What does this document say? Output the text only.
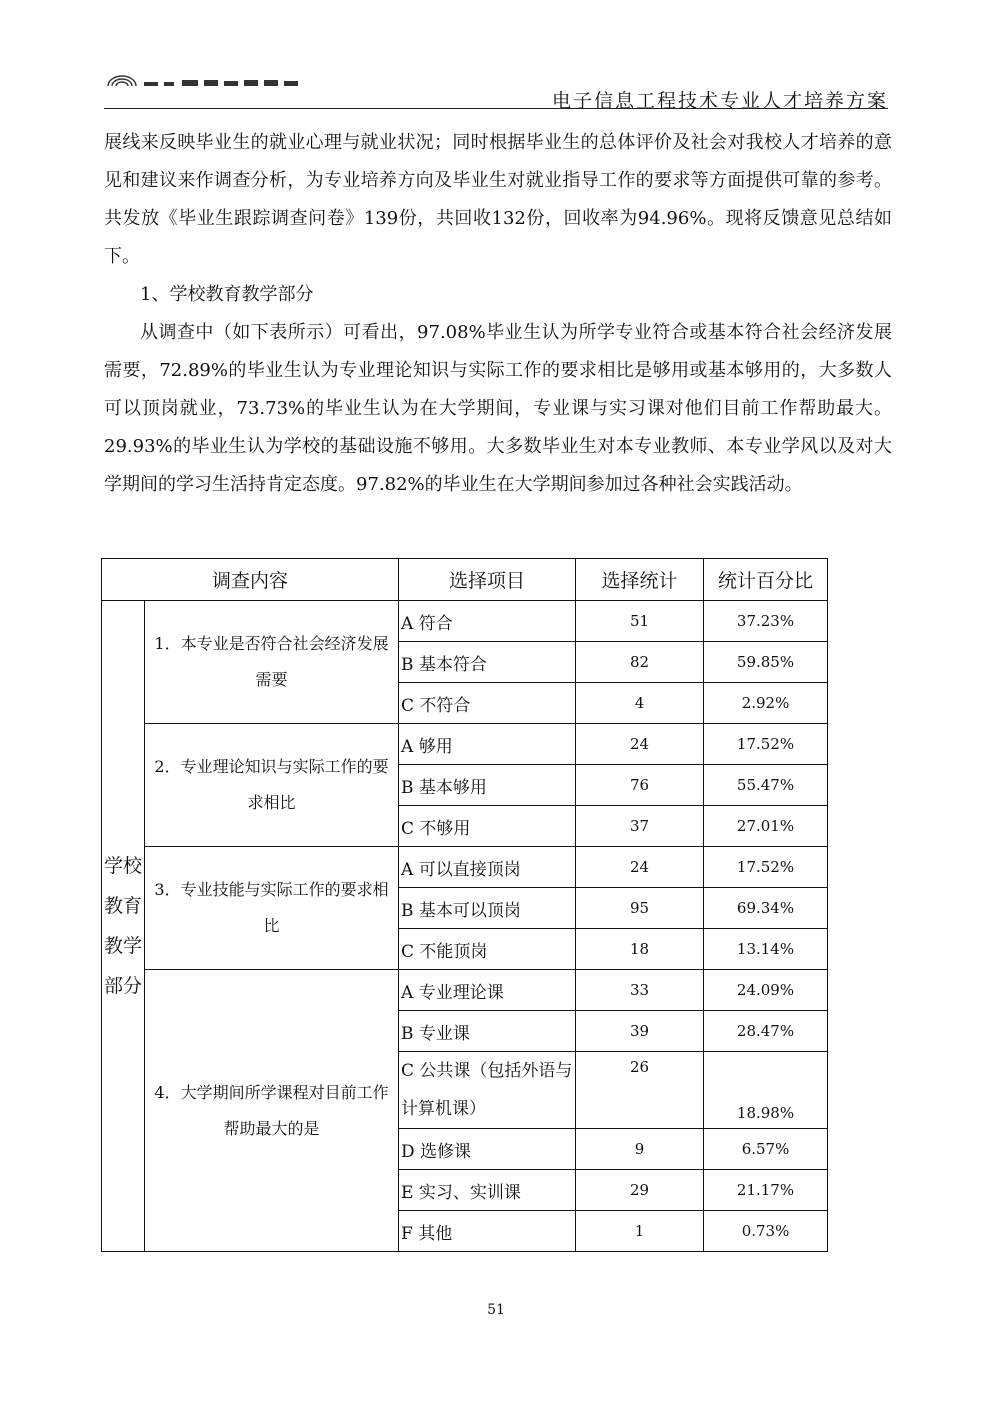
电子信息工程技术专业人才培养方案

展线来反映毕业生的就业心理与就业状况；同时根据毕业生的总体评价及社会对我校人才培养的意见和建议来作调查分析，为专业培养方向及毕业生对就业指导工作的要求等方面提供可靠的参考。共发放《毕业生跟踪调查问卷》139份，共回收132份，回收率为94.96%。现将反馈意见总结如下。

1、学校教育教学部分

从调查中（如下表所示）可看出，97.08%毕业生认为所学专业符合或基本符合社会经济发展需要，72.89%的毕业生认为专业理论知识与实际工作的要求相比是够用或基本够用的，大多数人可以顶岗就业，73.73%的毕业生认为在大学期间，专业课与实习课对他们目前工作帮助最大。29.93%的毕业生认为学校的基础设施不够用。大多数毕业生对本专业教师、本专业学风以及对大学期间的学习生活持肯定态度。97.82%的毕业生在大学期间参加过各种社会实践活动。

调查内容		选择项目	选择统计	统计百分比
学校
教育
教学
部分	1．本专业是否符合社会经济发展需要	A 符合	51	37.23%
		B 基本符合	82	59.85%
		C 不符合	4	2.92%
	2．专业理论知识与实际工作的要求相比	A 够用	24	17.52%
		B 基本够用	76	55.47%
		C 不够用	37	27.01%
	3．专业技能与实际工作的要求相比	A 可以直接顶岗	24	17.52%
		B 基本可以顶岗	95	69.34%
		C 不能顶岗	18	13.14%
	4．大学期间所学课程对目前工作帮助最大的是	A 专业理论课	33	24.09%
		B 专业课	39	28.47%
		C 公共课（包括外语与计算机课）	26	18.98%
		D 选修课	9	6.57%
		E 实习、实训课	29	21.17%
		F 其他	1	0.73%
51
